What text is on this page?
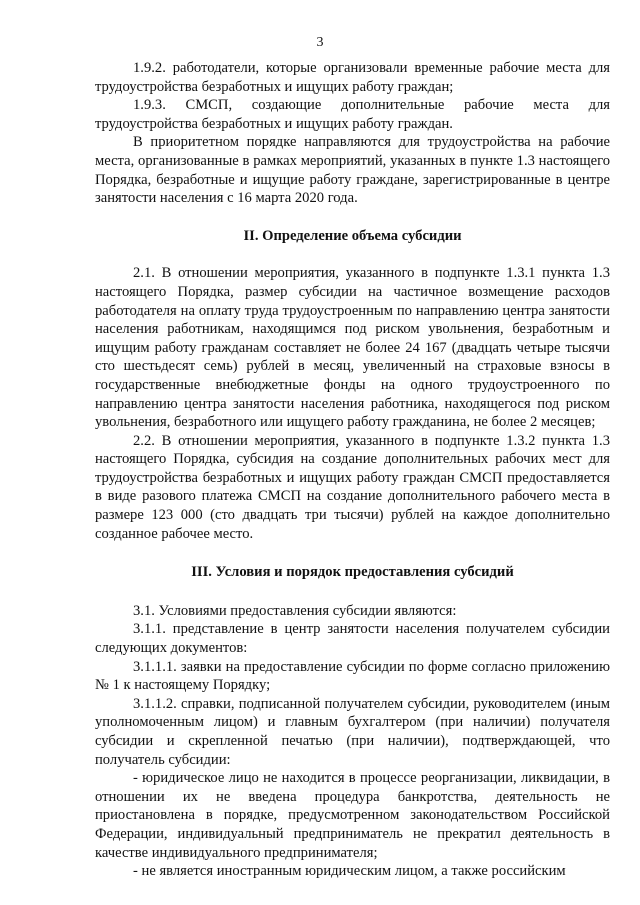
3

1.9.2. работодатели, которые организовали временные рабочие места для трудоустройства безработных и ищущих работу граждан;

1.9.3. СМСП, создающие дополнительные рабочие места для трудоустройства безработных и ищущих работу граждан.

В приоритетном порядке направляются для трудоустройства на рабочие места, организованные в рамках мероприятий, указанных в пункте 1.3 настоящего Порядка, безработные и ищущие работу граждане, зарегистрированные в центре занятости населения с 16 марта 2020 года.

II. Определение объема субсидии

2.1. В отношении мероприятия, указанного в подпункте 1.3.1 пункта 1.3 настоящего Порядка, размер субсидии на частичное возмещение расходов работодателя на оплату труда трудоустроенным по направлению центра занятости населения работникам, находящимся под риском увольнения, безработным и ищущим работу гражданам составляет не более 24 167 (двадцать четыре тысячи сто шестьдесят семь) рублей в месяц, увеличенный на страховые взносы в государственные внебюджетные фонды на одного трудоустроенного по направлению центра занятости населения работника, находящегося под риском увольнения, безработного или ищущего работу гражданина, не более 2 месяцев;

2.2. В отношении мероприятия, указанного в подпункте 1.3.2 пункта 1.3 настоящего Порядка, субсидия на создание дополнительных рабочих мест для трудоустройства безработных и ищущих работу граждан СМСП предоставляется в виде разового платежа СМСП на создание дополнительного рабочего места в размере 123 000 (сто двадцать три тысячи) рублей на каждое дополнительно созданное рабочее место.

III. Условия и порядок предоставления субсидий

3.1. Условиями предоставления субсидии являются:

3.1.1. представление в центр занятости населения получателем субсидии следующих документов:

3.1.1.1. заявки на предоставление субсидии по форме согласно приложению № 1 к настоящему Порядку;

3.1.1.2. справки, подписанной получателем субсидии, руководителем (иным уполномоченным лицом) и главным бухгалтером (при наличии) получателя субсидии и скрепленной печатью (при наличии), подтверждающей, что получатель субсидии:

- юридическое лицо не находится в процессе реорганизации, ликвидации, в отношении их не введена процедура банкротства, деятельность не приостановлена в порядке, предусмотренном законодательством Российской Федерации, индивидуальный предприниматель не прекратил деятельность в качестве индивидуального предпринимателя;

- не является иностранным юридическим лицом, а также российским
